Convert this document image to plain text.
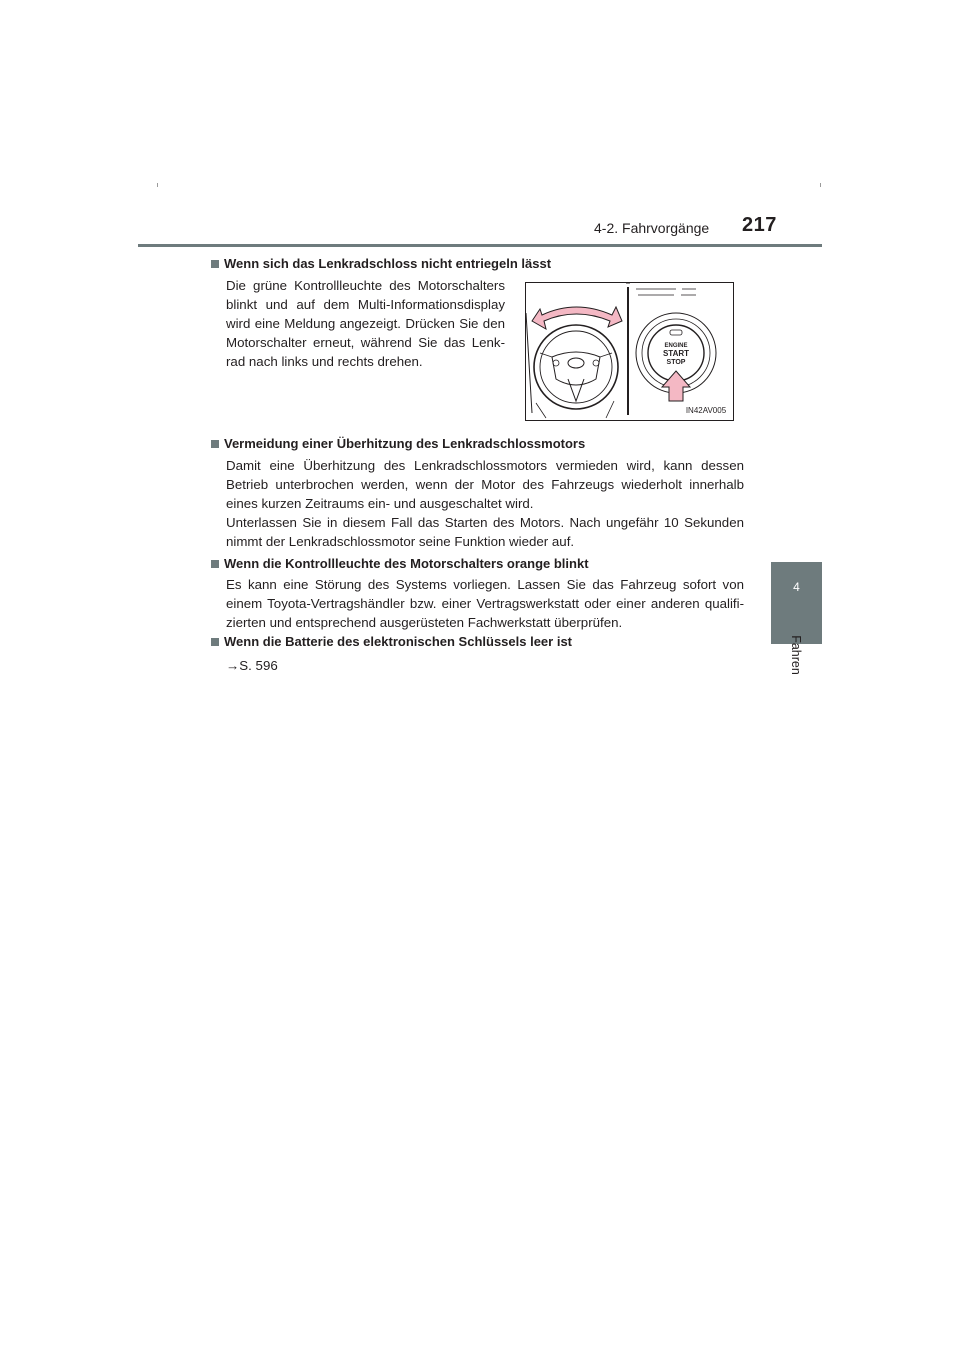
4-2. Fahrvorgänge 217
4
Fahren
Wenn sich das Lenkradschloss nicht entriegeln lässt
Die grüne Kontrollleuchte des Motorschalters blinkt und auf dem Multi-Informationsdisplay wird eine Meldung angezeigt. Drücken Sie den Motorschalter erneut, während Sie das Lenk-rad nach links und rechts drehen.
ENGINE
START
STOP
IN42AV005
Vermeidung einer Überhitzung des Lenkradschlossmotors
Damit eine Überhitzung des Lenkradschlossmotors vermieden wird, kann dessen Betrieb unterbrochen werden, wenn der Motor des Fahrzeugs wiederholt innerhalb eines kurzen Zeitraums ein- und ausgeschaltet wird.
Unterlassen Sie in diesem Fall das Starten des Motors. Nach ungefähr 10 Sekunden nimmt der Lenkradschlossmotor seine Funktion wieder auf.
Wenn die Kontrollleuchte des Motorschalters orange blinkt
Es kann eine Störung des Systems vorliegen. Lassen Sie das Fahrzeug sofort von einem Toyota-Vertragshändler bzw. einer Vertragswerkstatt oder einer anderen qualifi-zierten und entsprechend ausgerüsteten Fachwerkstatt überprüfen.
Wenn die Batterie des elektronischen Schlüssels leer ist
→S. 596
